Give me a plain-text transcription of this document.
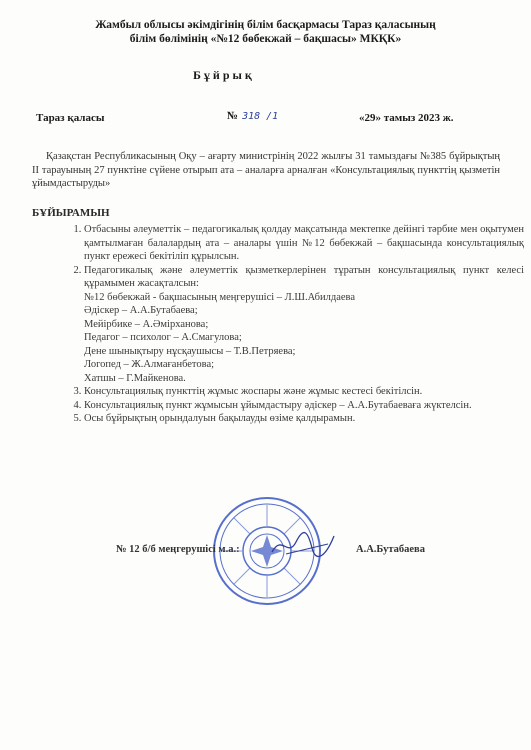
Жамбыл облысы әкімдігінің білім басқармасы Тараз қаласының
білім бөлімінің «№12 бөбекжай – бақшасы» МКҚК»
Бұйрық
Тараз қаласы	№ 318 /1	«29» тамыз 2023 ж.
Қазақстан Республикасының Оқу – ағарту министрінің 2022 жылғы 31 тамыздағы №385 бұйрықтың II тарауының 27 пунктіне сүйене отырып ата – аналарға арналған «Консультациялық пункттің қызметін ұйымдастыруды»
БҰЙЫРАМЫН
1. Отбасыны әлеуметтік – педагогикалық қолдау мақсатында мектепке дейінгі тәрбие мен оқытумен қамтылмаған балалардың ата – аналары үшін №12 бөбекжай – бақшасында консультациялық пункт ережесі бекітіліп құрылсын.
2. Педагогикалық және әлеуметтік қызметкерлерінен тұратын консультациялық пункт келесі құрамымен жасақталсын:
№12 бөбекжай - бақшасының меңгерушісі – Л.Ш.Абилдаева
Әдіскер – А.А.Бутабаева;
Мейірбике – А.Әмірханова;
Педагог – психолог – А.Смагулова;
Дене шынықтыру нұсқаушысы – Т.В.Петряева;
Логопед – Ж.Алмағанбетова;
Хатшы – Г.Майкенова.
3. Консультациялық пункттің жұмыс жоспары және жұмыс кестесі бекітілсін.
4. Консультациялық пункт жұмысын ұйымдастыру әдіскер – А.А.Бутабаеваға жүктелсін.
5. Осы бұйрықтың орындалуын бақылауды өзіме қалдырамын.
№ 12 б/б меңгерушісі м.а.:	А.А.Бутабаева
